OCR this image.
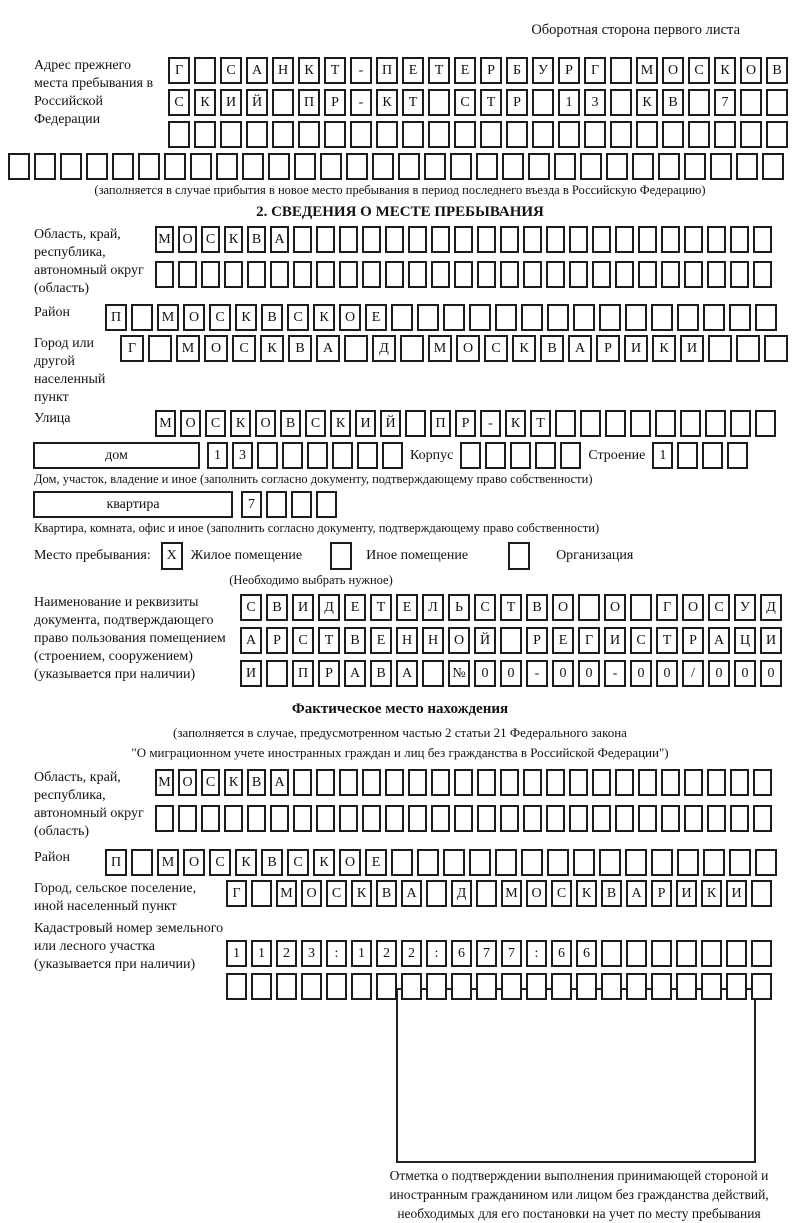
Оборотная сторона первого листа
Адрес прежнего места пребывания в Российской Федерации
Г	С	А	Н	К	Т	-	П	Е	Т	Е	Р	Б	У	Р	Г	М	О	С	К	О	В
С	К	И	Й	П	Р	-	К	Т	С	Т	Р	1	3	К	В	7
(заполняется в случае прибытия в новое место пребывания в период последнего въезда в Российскую Федерацию)
2. СВЕДЕНИЯ О МЕСТЕ ПРЕБЫВАНИЯ
Область, край, республика, автономный округ (область)
М О С К В А
Район	П	М	О	С	К	В	С	К	О	Е
Город или другой населенный пункт
Г	М	О	С	К	В	А	Д	М	О	С	К	В	А	Р	И	К	И
Улица	М О	С	К	О	В	С	К	И	Й	П	Р	-	К	Т
дом	1	3	Корпус	Строение	1
Дом, участок, владение и иное (заполнить согласно документу, подтверждающему право собственности)
квартира	7
Квартира, комната, офис и иное (заполнить согласно документу, подтверждающему право собственности)
Место пребывания:	X Жилое помещение	Иное помещение	Организация
(Необходимо выбрать нужное)
Наименование и реквизиты документа, подтверждающего право пользования помещением (строением, сооружением) (указывается при наличии)
С	В	И	Д	Е	Т	Е	Л	Ь	С	Т	В	О	О	Г	О	С	У	Д
А	Р	С	Т	В	Е	Н	Н	О	Й	Р	Е	Г	И	С	Т	Р	А	Ц	И
И	П	Р	А	В	А	№	0	0	-	0	0	-	0	0	/	0	0	0
Фактическое место нахождения
(заполняется в случае, предусмотренном частью 2 статьи 21 Федерального закона
"О миграционном учете иностранных граждан и лиц без гражданства в Российской Федерации")
Область, край, республика, автономный округ (область)
М О С К В А
Район	П	М	О	С	К	В	С	К	О	Е
Город, сельское поселение, иной населенный пункт
Г	М О	С	К	В	А	Д	М О	С	К	В	А	Р	И	К	И
Кадастровый номер земельного или лесного участка (указывается при наличии)
1	1	2	3	:	1	2	2	:	6	7	7	:	6	6
Отметка о подтверждении выполнения принимающей стороной и иностранным гражданином или лицом без гражданства действий, необходимых для его постановки на учет по месту пребывания
